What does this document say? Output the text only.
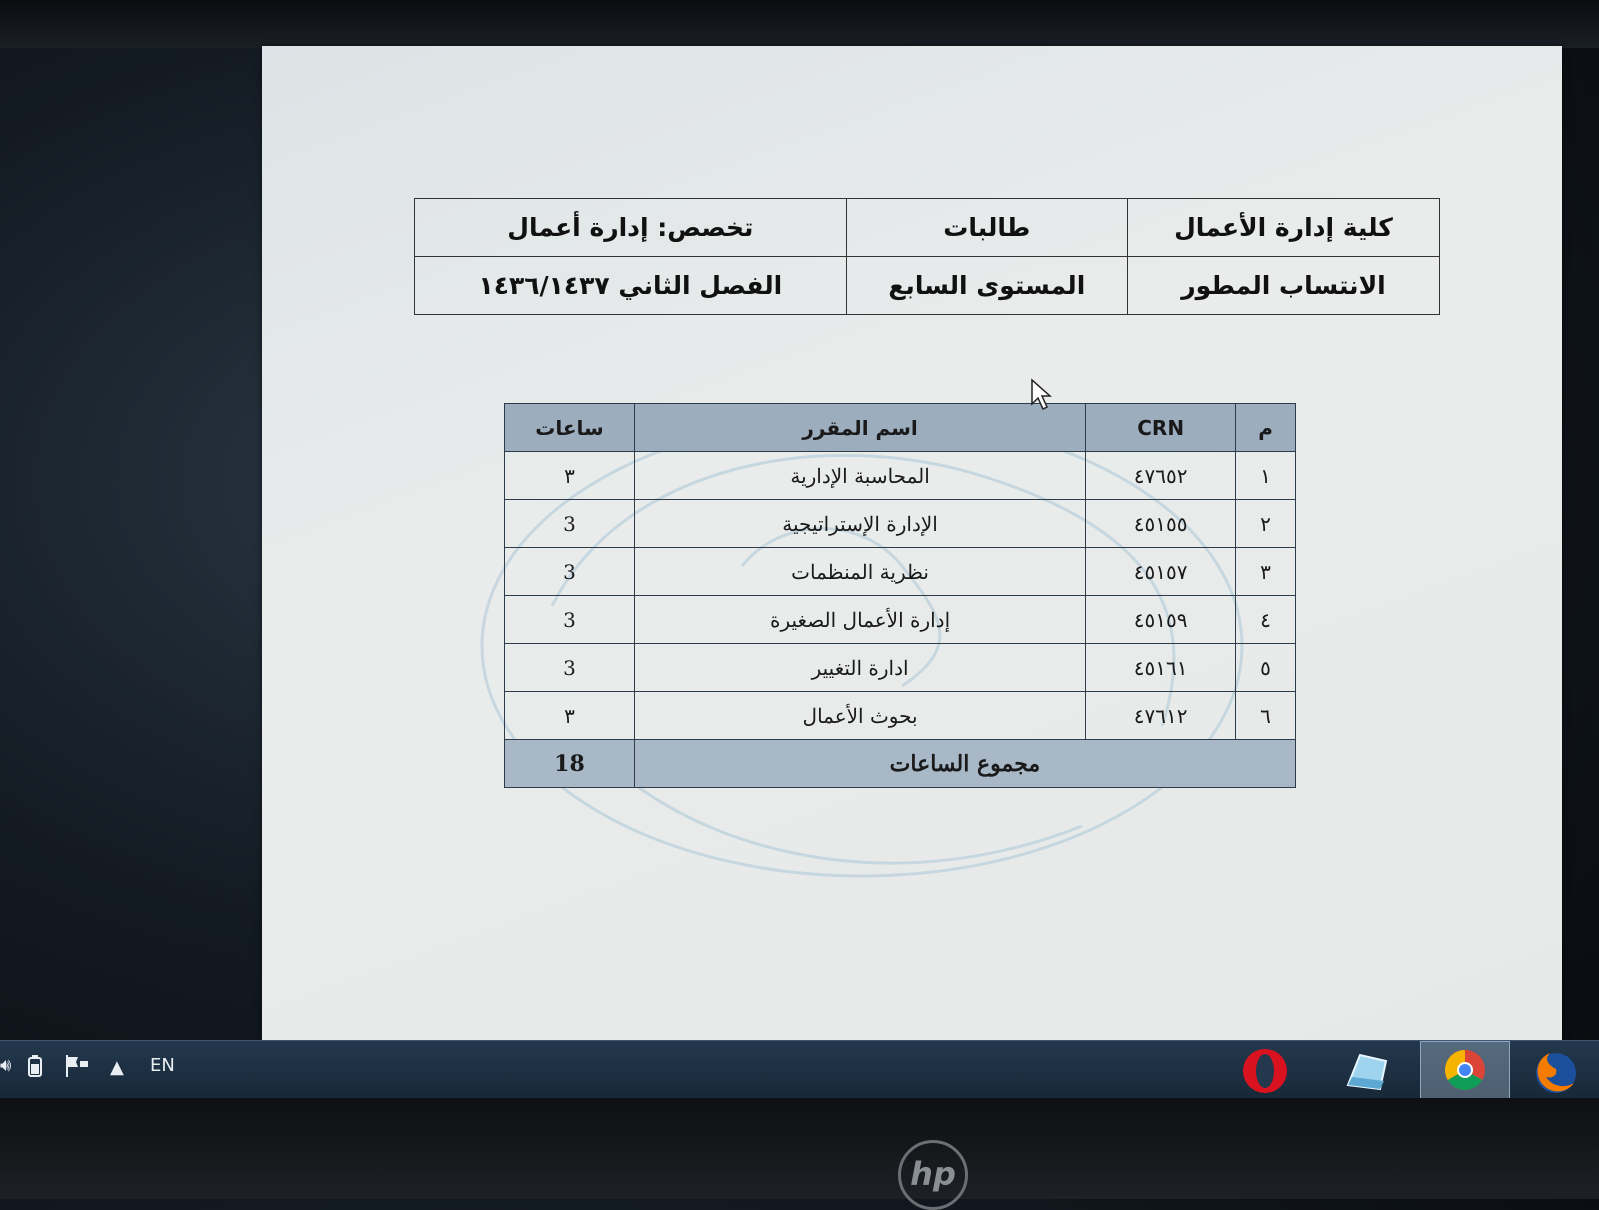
كلية إدارة الأعمال	طالبات	تخصص: إدارة أعمال
الانتساب المطور	المستوى السابع	الفصل الثاني ١٤٣٦/١٤٣٧
م	CRN	اسم المقرر	ساعات
١	٤٧٦٥٢	المحاسبة الإدارية	٣
٢	٤٥١٥٥	الإدارة الإستراتيجية	3
٣	٤٥١٥٧	نظرية المنظمات	3
٤	٤٥١٥٩	إدارة الأعمال الصغيرة	3
٥	٤٥١٦١	ادارة التغيير	3
٦	٤٧٦١٢	بحوث الأعمال	٣
مجموع الساعات			18
🔊︎	▲ EN
hp
